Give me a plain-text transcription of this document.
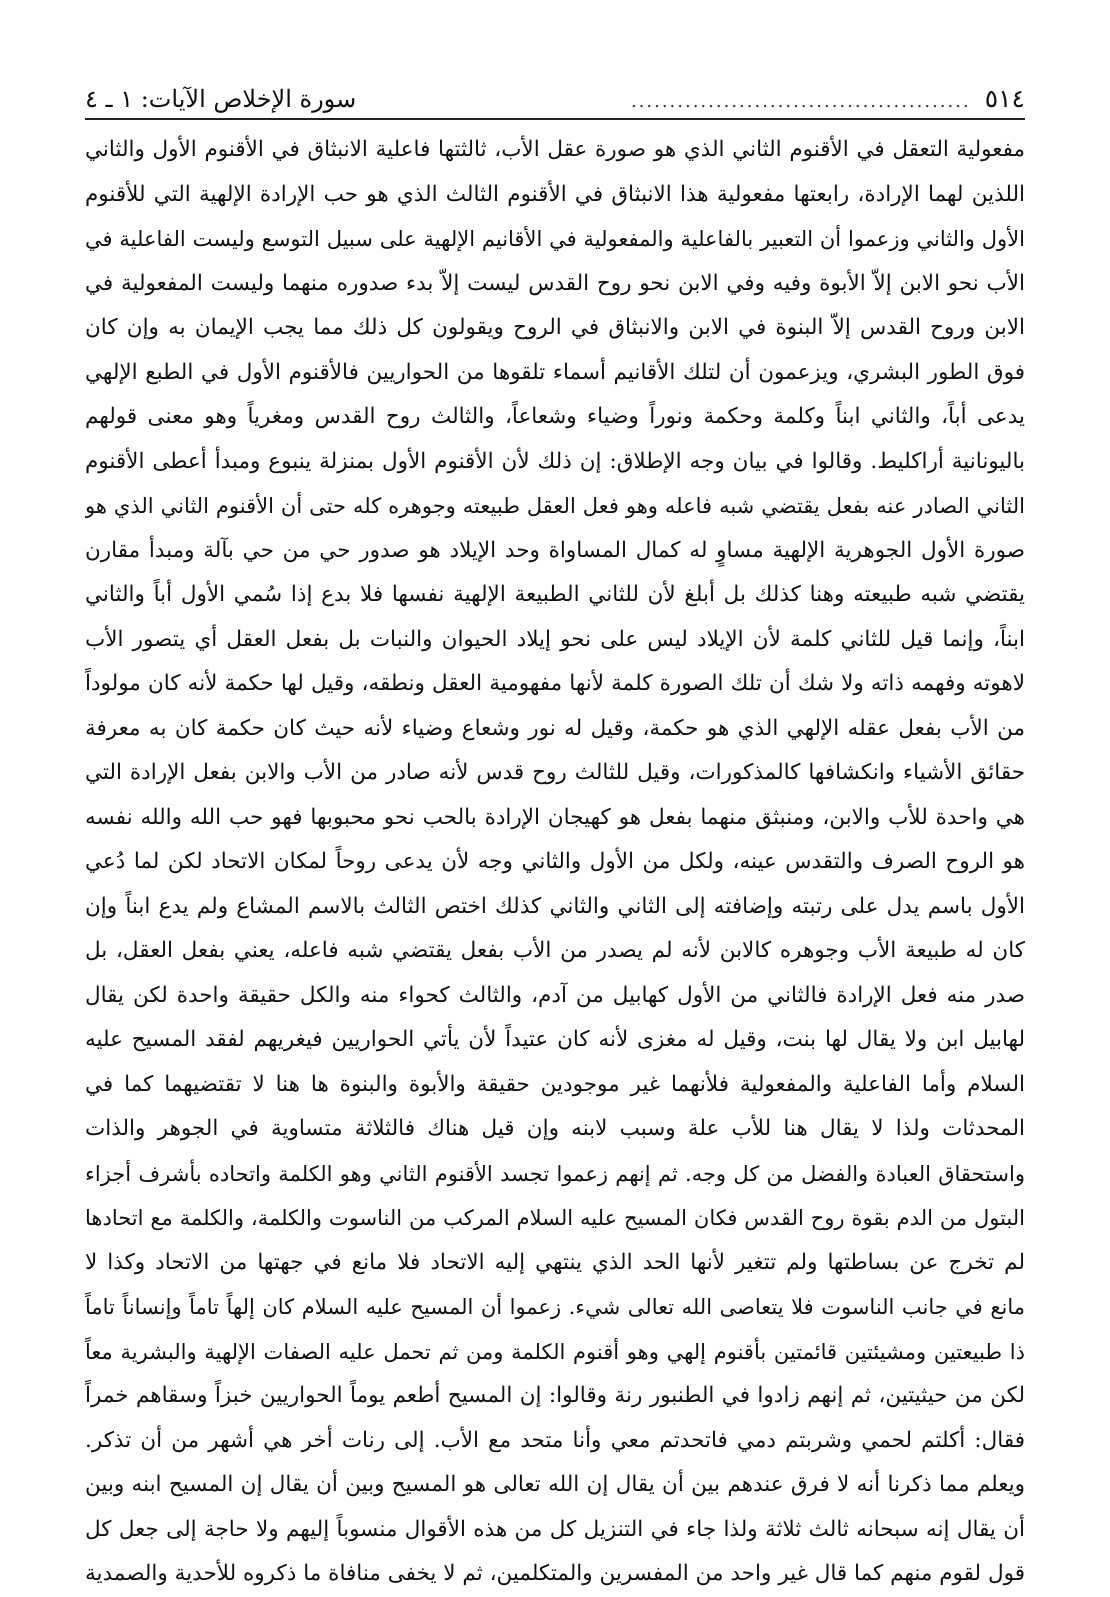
٥١٤
............................................
سورة الإخلاص الآيات: ١ ـ ٤
مفعولية التعقل في الأقنوم الثاني الذي هو صورة عقل الأب، ثالثتها فاعلية الانبثاق في الأقنوم الأول والثاني
اللذين لهما الإرادة، رابعتها مفعولية هذا الانبثاق في الأقنوم الثالث الذي هو حب الإرادة الإلهية التي للأقنوم
الأول والثاني وزعموا أن التعبير بالفاعلية والمفعولية في الأقانيم الإلهية على سبيل التوسع وليست الفاعلية في
الأب نحو الابن إلاّ الأبوة وفيه وفي الابن نحو روح القدس ليست إلاّ بدء صدوره منهما وليست المفعولية في
الابن وروح القدس إلاّ البنوة في الابن والانبثاق في الروح ويقولون كل ذلك مما يجب الإيمان به وإن كان
فوق الطور البشري، ويزعمون أن لتلك الأقانيم أسماء تلقوها من الحواريين فالأقنوم الأول في الطبع الإلهي
يدعى أباً، والثاني ابناً وكلمة وحكمة ونوراً وضياء وشعاعاً، والثالث روح القدس ومغرياً وهو معنى قولهم
باليونانية أراكليط. وقالوا في بيان وجه الإطلاق: إن ذلك لأن الأقنوم الأول بمنزلة ينبوع ومبدأ أعطى الأقنوم
الثاني الصادر عنه بفعل يقتضي شبه فاعله وهو فعل العقل طبيعته وجوهره كله حتى أن الأقنوم الثاني الذي هو
صورة الأول الجوهرية الإلهية مساوٍ له كمال المساواة وحد الإيلاد هو صدور حي من حي بآلة ومبدأ مقارن
يقتضي شبه طبيعته وهنا كذلك بل أبلغ لأن للثاني الطبيعة الإلهية نفسها فلا بدع إذا سُمي الأول أباً والثاني
ابناً، وإنما قيل للثاني كلمة لأن الإيلاد ليس على نحو إيلاد الحيوان والنبات بل بفعل العقل أي يتصور الأب
لاهوته وفهمه ذاته ولا شك أن تلك الصورة كلمة لأنها مفهومية العقل ونطقه، وقيل لها حكمة لأنه كان مولوداً
من الأب بفعل عقله الإلهي الذي هو حكمة، وقيل له نور وشعاع وضياء لأنه حيث كان حكمة كان به معرفة
حقائق الأشياء وانكشافها كالمذكورات، وقيل للثالث روح قدس لأنه صادر من الأب والابن بفعل الإرادة التي
هي واحدة للأب والابن، ومنبثق منهما بفعل هو كهيجان الإرادة بالحب نحو محبوبها فهو حب الله والله نفسه
هو الروح الصرف والتقدس عينه، ولكل من الأول والثاني وجه لأن يدعى روحاً لمكان الاتحاد لكن لما دُعي
الأول باسم يدل على رتبته وإضافته إلى الثاني والثاني كذلك اختص الثالث بالاسم المشاع ولم يدع ابناً وإن
كان له طبيعة الأب وجوهره كالابن لأنه لم يصدر من الأب بفعل يقتضي شبه فاعله، يعني بفعل العقل، بل
صدر منه فعل الإرادة فالثاني من الأول كهابيل من آدم، والثالث كحواء منه والكل حقيقة واحدة لكن يقال
لهابيل ابن ولا يقال لها بنت، وقيل له مغزى لأنه كان عتيداً لأن يأتي الحواريين فيغريهم لفقد المسيح عليه
السلام وأما الفاعلية والمفعولية فلأنهما غير موجودين حقيقة والأبوة والبنوة ها هنا لا تقتضيهما كما في
المحدثات ولذا لا يقال هنا للأب علة وسبب لابنه وإن قيل هناك فالثلاثة متساوية في الجوهر والذات
واستحقاق العبادة والفضل من كل وجه. ثم إنهم زعموا تجسد الأقنوم الثاني وهو الكلمة واتحاده بأشرف أجزاء
البتول من الدم بقوة روح القدس فكان المسيح عليه السلام المركب من الناسوت والكلمة، والكلمة مع اتحادها
لم تخرج عن بساطتها ولم تتغير لأنها الحد الذي ينتهي إليه الاتحاد فلا مانع في جهتها من الاتحاد وكذا لا
مانع في جانب الناسوت فلا يتعاصى الله تعالى شيء. زعموا أن المسيح عليه السلام كان إلهاً تاماً وإنساناً تاماً
ذا طبيعتين ومشيئتين قائمتين بأقنوم إلهي وهو أقنوم الكلمة ومن ثم تحمل عليه الصفات الإلهية والبشرية معاً
لكن من حيثيتين، ثم إنهم زادوا في الطنبور رنة وقالوا: إن المسيح أطعم يوماً الحواريين خبزاً وسقاهم خمراً
فقال: أكلتم لحمي وشربتم دمي فاتحدتم معي وأنا متحد مع الأب. إلى رنات أخر هي أشهر من أن تذكر.
ويعلم مما ذكرنا أنه لا فرق عندهم بين أن يقال إن الله تعالى هو المسيح وبين أن يقال إن المسيح ابنه وبين
أن يقال إنه سبحانه ثالث ثلاثة ولذا جاء في التنزيل كل من هذه الأقوال منسوباً إليهم ولا حاجة إلى جعل كل
قول لقوم منهم كما قال غير واحد من المفسرين والمتكلمين، ثم لا يخفى منافاة ما ذكروه للأحدية والصمدية
